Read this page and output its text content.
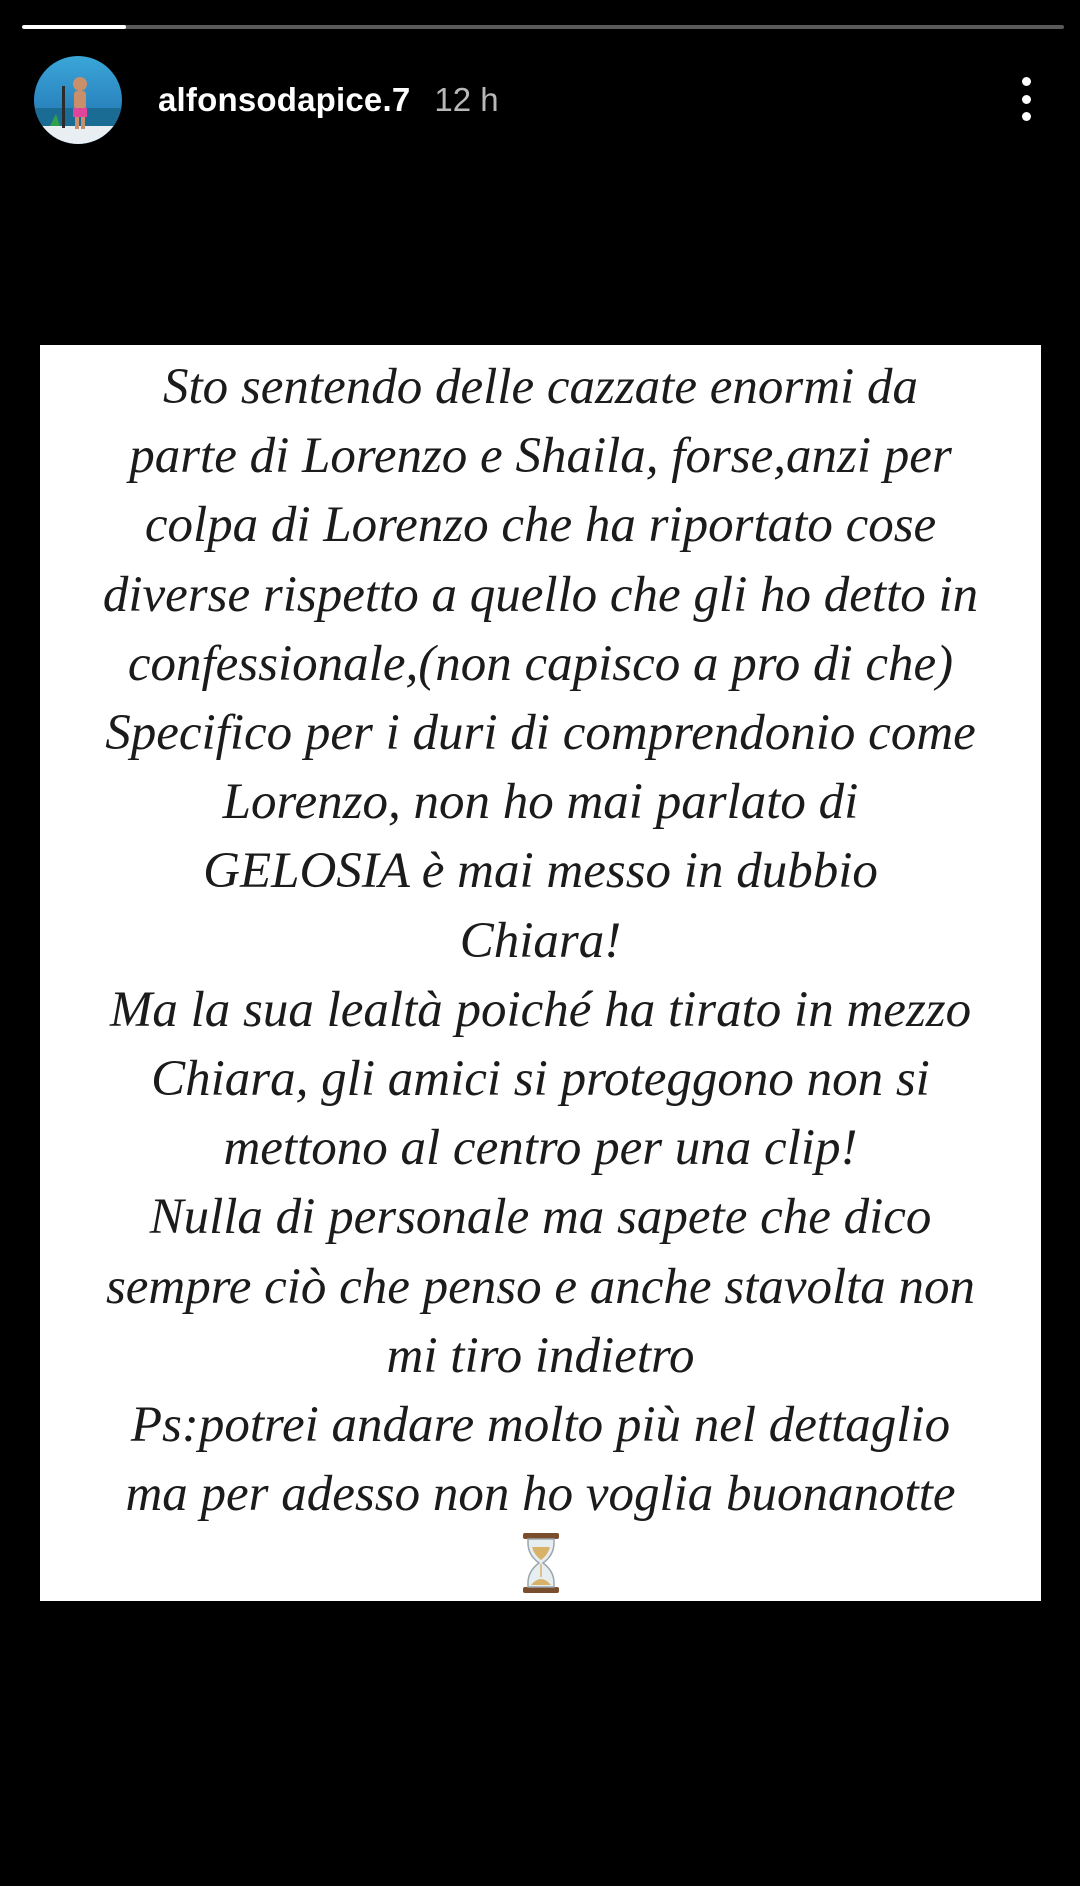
alfonsodapice.7 12 h
Sto sentendo delle cazzate enormi da
parte di Lorenzo e Shaila, forse,anzi per
colpa di Lorenzo che ha riportato cose
diverse rispetto a quello che gli ho detto in
confessionale,(non capisco a pro di che)
Specifico per i duri di comprendonio come
Lorenzo, non ho mai parlato di
GELOSIA è mai messo in dubbio
Chiara!
Ma la sua lealtà poiché ha tirato in mezzo
Chiara, gli amici si proteggono non si
mettono al centro per una clip!
Nulla di personale ma sapete che dico
sempre ciò che penso e anche stavolta non
mi tiro indietro
Ps:potrei andare molto più nel dettaglio
ma per adesso non ho voglia buonanotte
